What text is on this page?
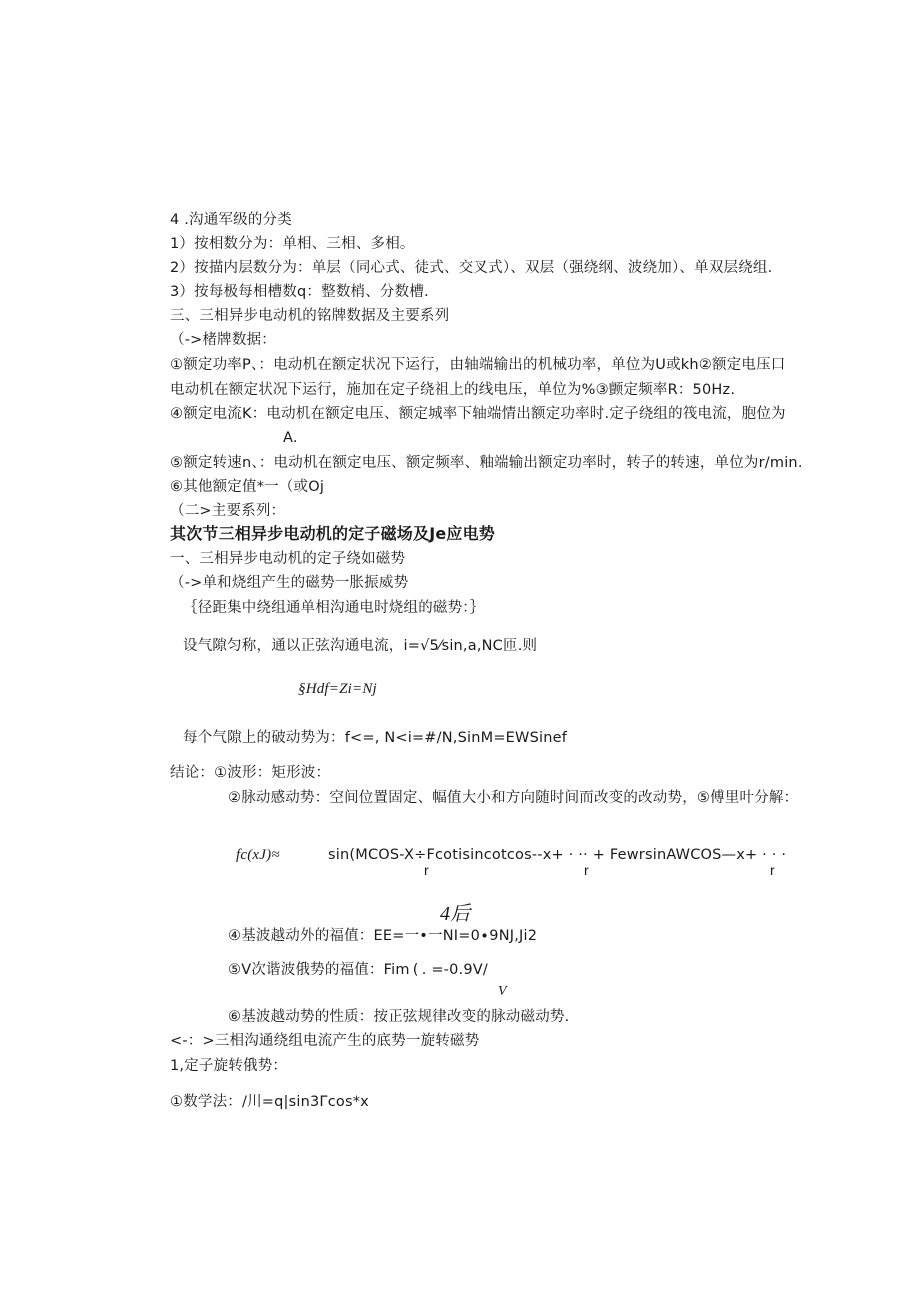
4 .沟通军级的分类
1）按相数分为：单相、三相、多相。
2）按描内层数分为：单层（同心式、徒式、交叉式）、双层（强绕纲、波绕加）、单双层绕组.
3）按每极每相槽数q：整数梢、分数槽.
三、三相异步电动机的铭牌数据及主要系列
（->楮牌数据：
①额定功率P、：电动机在额定状况下运行，由轴端输出的机械功率，单位为U或kh②额定电压口
电动机在额定状况下运行，施加在定子绕祖上的线电压，单位为%③颤定频率R：50Hz.
④额定电流K：电动机在额定电压、额定城率下轴端情出额定功率时.定子绕组的筏电流，胞位为
A.
⑤额定转速n、：电动机在额定电压、额定频率、釉端输出额定功率时，转子的转速，单位为r/min.
⑥其他额定值*一（或Oj
（二>主要系列：
其次节三相异步电动机的定子磁场及Je应电势
一、三相异步电动机的定子绕如磁势
（->单和烧组产生的磁势一胀振威势
｛径距集中绕组通单相沟通电时烧组的磁势：｝
设气隙匀称，通以正弦沟通电流，i=√5⁄sin,a,NC匝.则
§Hdf=Zi=Nj
每个气隙上的破动势为：f<=, N<i=#/N,SinM=EWSinef
结论：①波形：矩形波：
②脉动感动势：空间位置固定、幅值大小和方向随时间而改变的改动势，⑤傅里叶分解：
fc(xJ)≈	sin(MCOS-X÷Fcotisincotcos--x+ · ·· + FewrsinAWCOS—x+ · · ·
r	r	r
4后
④基波越动外的福值：EE=一•一NI=0∙9NJ,Ji2
⑤V次谐波俄势的福值：Fim ( . =-0.9V/
V
⑥基波越动势的性质：按正弦规律改变的脉动磁动势.
<-：>三相沟通绕组电流产生的底势一旋转磁势
1,定子旋转俄势：
①数学法：/川=q|sin3Γcos*x
